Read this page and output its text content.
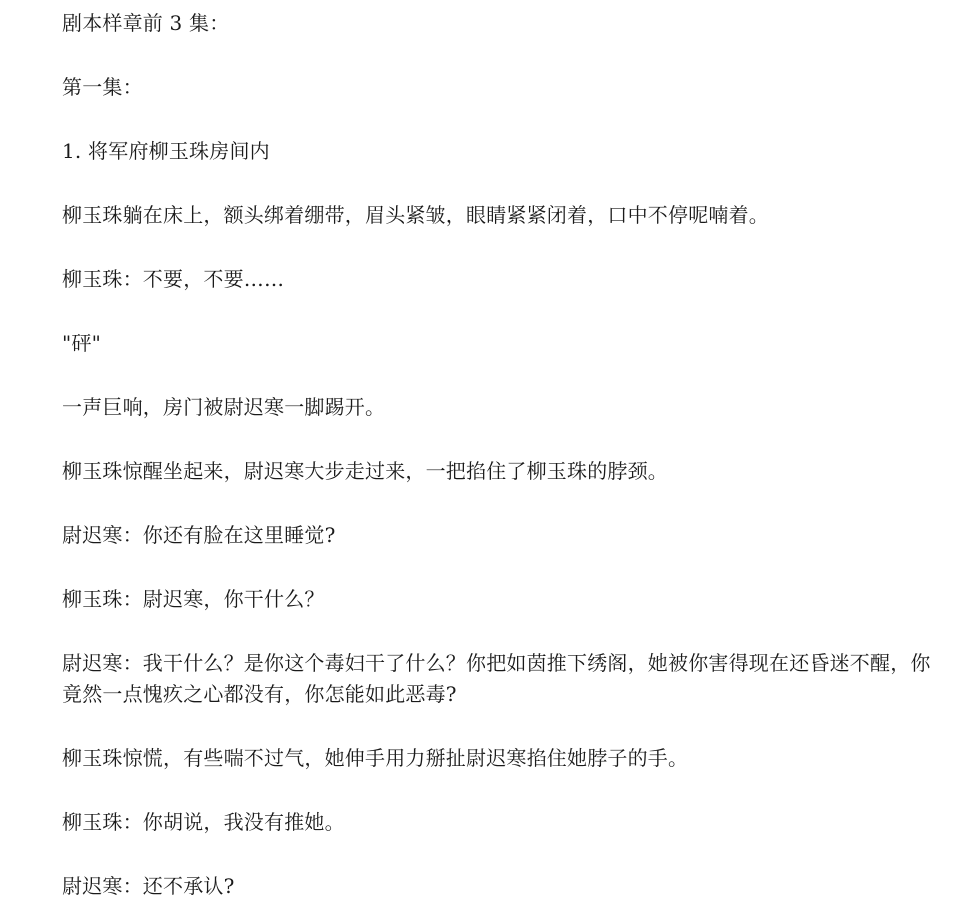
剧本样章前 3 集：

第一集：

1. 将军府柳玉珠房间内

柳玉珠躺在床上，额头绑着绷带，眉头紧皱，眼睛紧紧闭着，口中不停呢喃着。

柳玉珠：不要，不要……

"砰"

一声巨响，房门被尉迟寒一脚踢开。

柳玉珠惊醒坐起来，尉迟寒大步走过来，一把掐住了柳玉珠的脖颈。

尉迟寒：你还有脸在这里睡觉?

柳玉珠：尉迟寒，你干什么？

尉迟寒：我干什么？是你这个毒妇干了什么？你把如茵推下绣阁，她被你害得现在还昏迷不醒，你竟然一点愧疚之心都没有，你怎能如此恶毒?

柳玉珠惊慌，有些喘不过气，她伸手用力掰扯尉迟寒掐住她脖子的手。

柳玉珠：你胡说，我没有推她。

尉迟寒：还不承认?
